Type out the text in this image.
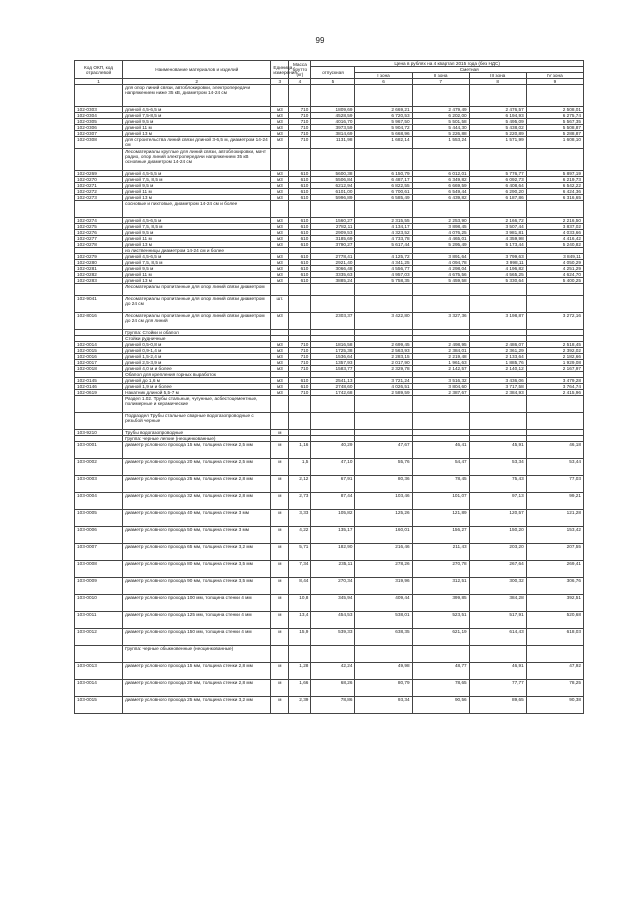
99
Код ОКП, код отраслевой	Наименование материалов и изделий	Единица измерения	Масса брутто (кг)	Цена в рублях на 4 квартал 2015 года (без НДС)				
				отпускная	Сметная			
					I зона	II зона	III зона	IV зона
1	2	3	4	5	6	7	8	9
	для опор линий связи, автоблокировки, электропередачи напряжением ниже 35 кВ, диаметром 14-24 см							
102-0303	длиной 4,5-6,5 м	м3	710	1809,69	2 669,21	2 479,49	2 476,57	2 508,01
102-0304	длиной 7,5-8,5 м	м3	710	4528,59	6 720,53	6 202,00	6 194,93	6 275,74
102-0305	длиной 9,5 м	м3	710	4016,70	5 967,50	5 501,58	5 495,09	5 567,35
102-0306	длиной 11 м	м3	710	3973,59	5 904,72	5 444,30	5 438,02	5 508,87
102-0307	длиной 13 м	м3	710	3814,69	5 668,96	5 226,88	5 220,89	5 288,87
102-0308	для строительства линий связи длиной 3-6,5 м, диаметром 14-24 см	м3	710	1131,98	1 682,14	1 553,24	1 571,99	1 608,10
	Лесоматериалы круглые для линий связи, автоблокировки, мачт радио, опор линий электропередачи напряжением 35 кВ основные диаметром 14-24 см							
102-0269	длиной 4,5-5,5 м	м3	610	5600,38	6 150,79	6 012,01	5 776,77	5 897,19
102-0270	длиной 7,5, 8,5 м	м3	610	5506,84	6 487,17	6 349,82	6 092,73	6 219,73
102-0271	длиной 9,5 м	м3	610	6212,94	6 822,55	6 669,59	6 408,64	6 542,22
102-0272	длиной 11 м	м3	610	6101,00	6 700,61	6 549,44	6 290,20	6 424,36
102-0273	длиной 13 м	м3	610	5996,89	6 585,49	6 439,82	6 187,86	6 316,65
	сосновые и пихтовые, диаметром 14-24 см и более							
102-0274	длиной 4,5-6,5 м	м3	610	1560,27	2 315,55	2 253,90	2 166,72	2 216,50
102-0275	длиной 7,5, 8,5 м	м3	610	2782,11	4 134,17	3 898,45	3 507,44	3 837,02
102-0276	длиной 9,5 м	м3	610	2909,53	4 323,52	4 076,25	3 981,81	4 033,66
102-0277	длиной 11 м	м3	610	3185,69	4 733,78	4 465,01	4 359,98	4 416,42
102-0278	длиной 13 м	м3	610	3790,27	5 617,44	5 295,49	5 173,44	5 240,82
	из лиственницы диаметром 14-24 см и более							
102-0279	длиной 4,5-6,5 м	м3	610	2778,41	4 125,72	3 891,64	3 799,63	3 849,11
102-0280	длиной 7,5, 8,5 м	м3	610	2921,40	4 341,25	4 094,78	3 998,11	4 050,29
102-0281	длиной 9,5 м	м3	610	3066,48	4 556,77	4 298,04	4 196,82	4 251,29
102-0282	длиной 11 м	м3	610	3335,63	4 957,03	4 675,56	4 565,25	4 624,70
102-0283	длиной 13 м	м3	610	3885,24	5 758,35	5 459,58	5 330,64	5 400,25
	Лесоматериалы пропитанные для опор линий связи диаметром							
102-9041	Лесоматериалы пропитанные для опор линий связи диаметром до 24 см	шт.						
102-8016	Лесоматериалы пропитанные для опор линий связи диаметром до 24 см для линий	м3		2303,37	3 422,80	3 327,36	3 198,87	3 272,16
	Группа: Стойки и обапол							
	Стойки рудничные							
102-0014	длиной 0,5-0,8 м	м3	710	1816,58	2 699,45	2 498,95	2 486,07	2 518,45
102-0015	длиной 0,9-1,4 м	м3	710	1725,38	2 563,93	2 384,01	2 361,29	2 392,02
102-0016	длиной 1,5-2,4 м	м3	710	1536,64	2 283,15	2 219,48	2 133,64	2 182,66
102-0017	длиной 2,5-3,9 м	м3	710	1357,93	2 017,90	1 961,63	1 885,76	1 929,08
102-0018	длиной 4,0 м и более	м3	710	1583,77	2 329,78	2 142,57	2 140,12	2 167,97
	Обапол для крепления горных выработок							
102-0145	длиной до 1,6 м	м3	610	2541,13	3 721,24	3 516,32	3 436,06	3 479,28
102-0146	длиной 1,9 м и более	м3	610	2748,60	4 026,51	3 804,60	3 717,58	3 764,74
102-0619	Накатник длиной 5,5-7 м	м3	710	1742,68	2 589,59	2 387,67	2 384,93	2 415,96
	Раздел 1.02. Трубы стальные, чугунные, асбестоцементные, полимерные и керамические							
	Подраздел Трубы стальные сварные водогазопроводные с резьбой черные							
103-9210	Трубы водогазопроводные	м						
	Группа: черные легкие (неоцинкованные)							
103-0001	диаметр условного прохода 15 мм, толщина стенки 2,5 мм	м	1,16	40,29	47,67	46,41	45,91	46,18
103-0002	диаметр условного прохода 20 мм, толщина стенки 2,5 мм	м	1,5	47,10	55,76	54,47	53,34	53,44
103-0003	диаметр условного прохода 25 мм, толщина стенки 2,8 мм	м	2,12	67,91	80,36	78,45	75,43	77,03
103-0004	диаметр условного прохода 32 мм, толщина стенки 2,8 мм	м	2,73	87,44	103,46	101,07	97,13	99,21
103-0005	диаметр условного прохода 40 мм, толщина стенки 3 мм	м	3,33	105,82	125,26	121,89	120,57	121,28
103-0006	диаметр условного прохода 50 мм, толщина стенки 3 мм	м	4,22	135,17	160,01	156,27	150,20	153,42
103-0007	диаметр условного прохода 65 мм, толщина стенки 3,2 мм	м	5,71	182,90	216,46	211,43	203,20	207,55
103-0008	диаметр условного прохода 80 мм, толщина стенки 3,5 мм	м	7,34	235,11	278,26	270,78	267,64	269,41
103-0009	диаметр условного прохода 90 мм, толщина стенки 3,5 мм	м	8,44	270,34	319,96	312,51	300,32	306,76
103-0010	диаметр условного прохода 100 мм, толщина стенки 4 мм	м	10,8	345,94	409,44	399,85	384,28	392,51
103-0011	диаметр условного прохода 125 мм, толщина стенки 4 мм	м	13,4	454,53	538,01	523,51	517,91	520,68
103-0012	диаметр условного прохода 150 мм, толщина стенки 4 мм	м	15,9	539,33	638,35	621,19	614,43	618,03
	Группа: черные обыкновенные (неоцинкованные)							
103-0013	диаметр условного прохода 15 мм, толщина стенки 2,8 мм	м	1,28	42,24	49,98	48,77	46,91	47,92
103-0014	диаметр условного прохода 20 мм, толщина стенки 2,8 мм	м	1,66	68,26	80,79	78,65	77,77	78,25
103-0015	диаметр условного прохода 25 мм, толщина стенки 3,2 мм	м	2,39	78,86	93,34	90,56	89,65	90,38
